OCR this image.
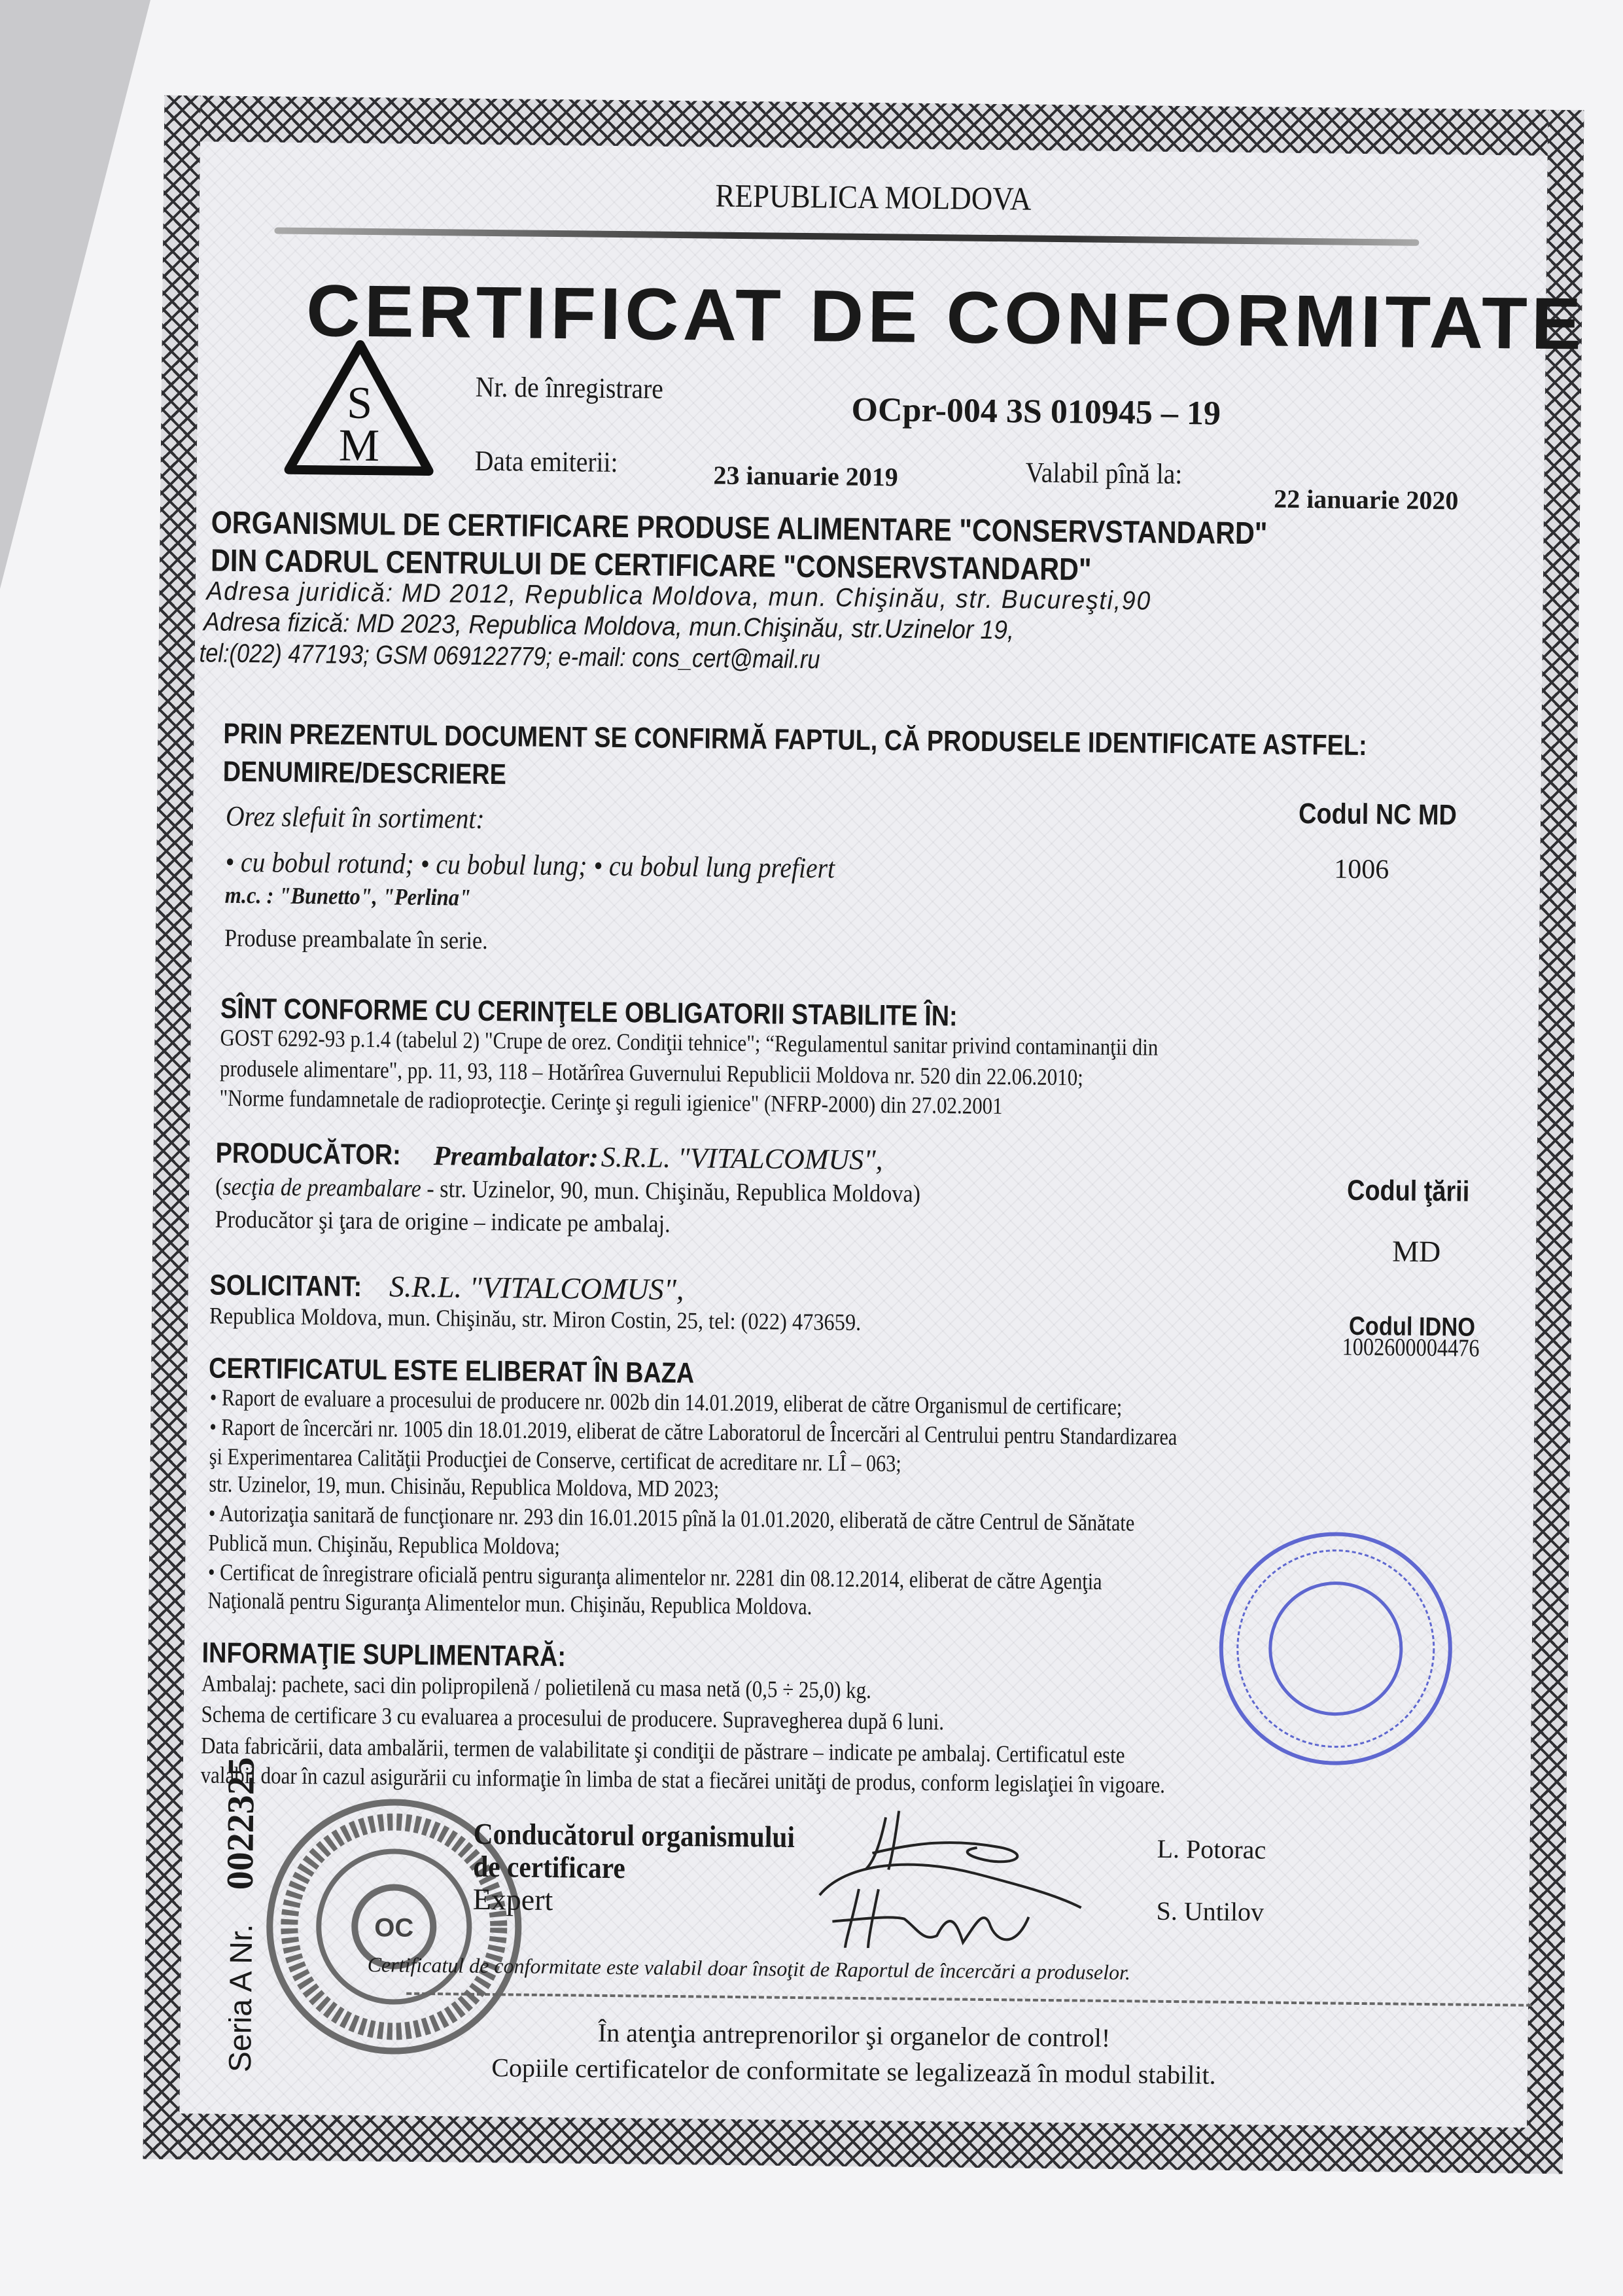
REPUBLICA MOLDOVA
CERTIFICAT DE CONFORMITATE
S
M
Nr. de înregistrare
OCpr-004 3S 010945 – 19
Data emiterii:	23 ianuarie 2019	Valabil pînă la:
22 ianuarie 2020
ORGANISMUL DE CERTIFICARE PRODUSE ALIMENTARE "CONSERVSTANDARD"
DIN CADRUL CENTRULUI DE CERTIFICARE "CONSERVSTANDARD"
Adresa juridică: MD 2012, Republica Moldova, mun. Chişinău, str. Bucureşti,90
Adresa fizică: MD 2023, Republica Moldova, mun.Chişinău, str.Uzinelor 19,
tel:(022) 477193; GSM 069122779; e-mail: cons_cert@mail.ru
PRIN PREZENTUL DOCUMENT SE CONFIRMĂ FAPTUL, CĂ PRODUSELE IDENTIFICATE ASTFEL:
DENUMIRE/DESCRIERE
Codul NC MD
Orez slefuit în sortiment:
• cu bobul rotund; • cu bobul lung; • cu bobul lung prefiert	1006
m.c. : "Bunetto", "Perlina"
Produse preambalate în serie.
SÎNT CONFORME CU CERINŢELE OBLIGATORII STABILITE ÎN:
GOST 6292-93 p.1.4 (tabelul 2) "Crupe de orez. Condiţii tehnice"; “Regulamentul sanitar privind contaminanţii din
produsele alimentare", pp. 11, 93, 118 – Hotărîrea Guvernului Republicii Moldova nr. 520 din 22.06.2010;
"Norme fundamnetale de radioprotecţie. Cerinţe şi reguli igienice" (NFRP-2000) din 27.02.2001
PRODUCĂTOR: Preambalator: S.R.L. "VITALCOMUS",
(secţia de preambalare - str. Uzinelor, 90, mun. Chişinău, Republica Moldova)	Codul ţării
Producător şi ţara de origine – indicate pe ambalaj.
MD
SOLICITANT: S.R.L. "VITALCOMUS",
Republica Moldova, mun. Chişinău, str. Miron Costin, 25, tel: (022) 473659.	Codul IDNO
1002600004476
CERTIFICATUL ESTE ELIBERAT ÎN BAZA
• Raport de evaluare a procesului de producere nr. 002b din 14.01.2019, eliberat de către Organismul de certificare;
• Raport de încercări nr. 1005 din 18.01.2019, eliberat de către Laboratorul de Încercări al Centrului pentru Standardizarea
şi Experimentarea Calităţii Producţiei de Conserve, certificat de acreditare nr. LÎ – 063;
str. Uzinelor, 19, mun. Chisinău, Republica Moldova, MD 2023;
• Autorizaţia sanitară de funcţionare nr. 293 din 16.01.2015 pînă la 01.01.2020, eliberată de către Centrul de Sănătate
Publică mun. Chişinău, Republica Moldova;
• Certificat de înregistrare oficială pentru siguranţa alimentelor nr. 2281 din 08.12.2014, eliberat de către Agenţia
Naţională pentru Siguranţa Alimentelor mun. Chişinău, Republica Moldova.
INFORMAŢIE SUPLIMENTARĂ:
Ambalaj: pachete, saci din polipropilenă / polietilenă cu masa netă (0,5 ÷ 25,0) kg.
Schema de certificare 3 cu evaluarea a procesului de producere. Supravegherea după 6 luni.
Data fabricării, data ambalării, termen de valabilitate şi condiţii de păstrare – indicate pe ambalaj. Certificatul este
valabil doar în cazul asigurării cu informaţie în limba de stat a fiecărei unităţi de produs, conform legislaţiei în vigoare.
OC
Conducătorul organismului
de certificare
Expert
L. Potorac
S. Untilov
Certificatul de conformitate este valabil doar însoţit de Raportul de încercări a produselor.
În atenţia antreprenorilor şi organelor de control!
Copiile certificatelor de conformitate se legalizează în modul stabilit.
Seria A Nr. 0022325
